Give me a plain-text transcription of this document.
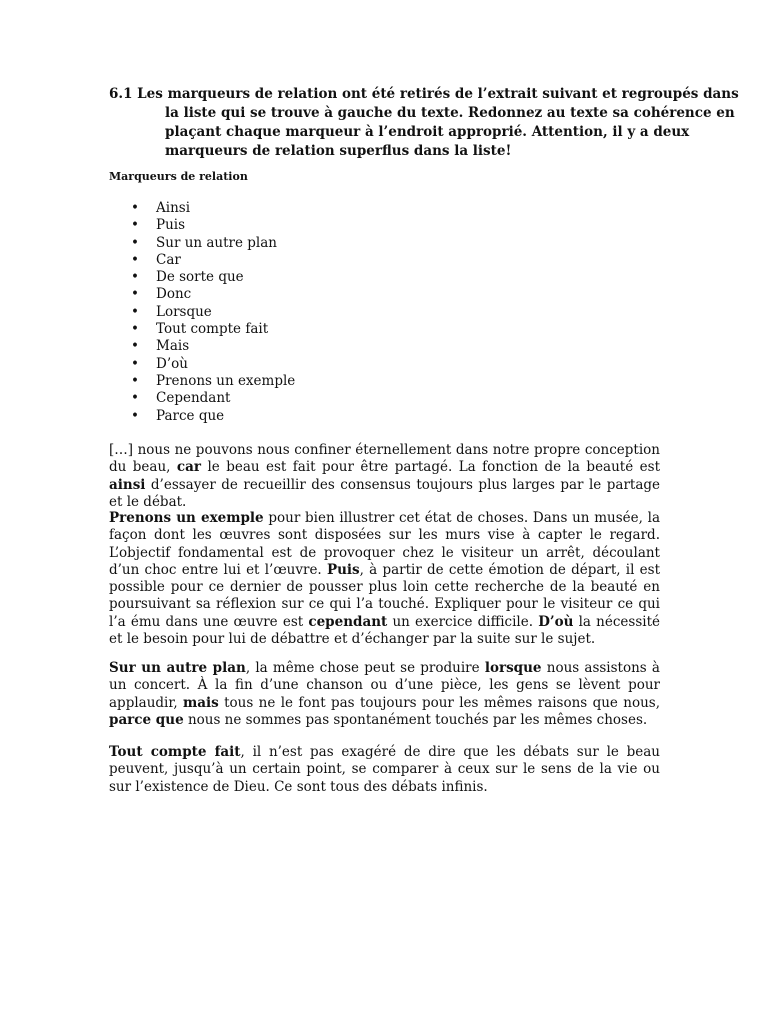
6.1 Les marqueurs de relation ont été retirés de l’extrait suivant et regroupés dans
la liste qui se trouve à gauche du texte. Redonnez au texte sa cohérence en
plaçant chaque marqueur à l’endroit approprié. Attention, il y a deux
marqueurs de relation superflus dans la liste!
Marqueurs de relation
• Ainsi
• Puis
• Sur un autre plan
• Car
• De sorte que
• Donc
• Lorsque
• Tout compte fait
• Mais
• D’où
• Prenons un exemple
• Cependant
• Parce que

[…] nous ne pouvons nous confiner éternellement dans notre propre conception du beau, car le beau est fait pour être partagé. La fonction de la beauté est ainsi d’essayer de recueillir des consensus toujours plus larges par le partage et le débat.

Prenons un exemple pour bien illustrer cet état de choses. Dans un musée, la façon dont les œuvres sont disposées sur les murs vise à capter le regard. L’objectif fondamental est de provoquer chez le visiteur un arrêt, découlant d’un choc entre lui et l’œuvre. Puis, à partir de cette émotion de départ, il est possible pour ce dernier de pousser plus loin cette recherche de la beauté en poursuivant sa réflexion sur ce qui l’a touché. Expliquer pour le visiteur ce qui l’a ému dans une œuvre est cependant un exercice difficile. D’où la nécessité et le besoin pour lui de débattre et d’échanger par la suite sur le sujet.

Sur un autre plan, la même chose peut se produire lorsque nous assistons à un concert. À la fin d’une chanson ou d’une pièce, les gens se lèvent pour applaudir, mais tous ne le font pas toujours pour les mêmes raisons que nous, parce que nous ne sommes pas spontanément touchés par les mêmes choses.

Tout compte fait, il n’est pas exagéré de dire que les débats sur le beau peuvent, jusqu’à un certain point, se comparer à ceux sur le sens de la vie ou sur l’existence de Dieu. Ce sont tous des débats infinis.
